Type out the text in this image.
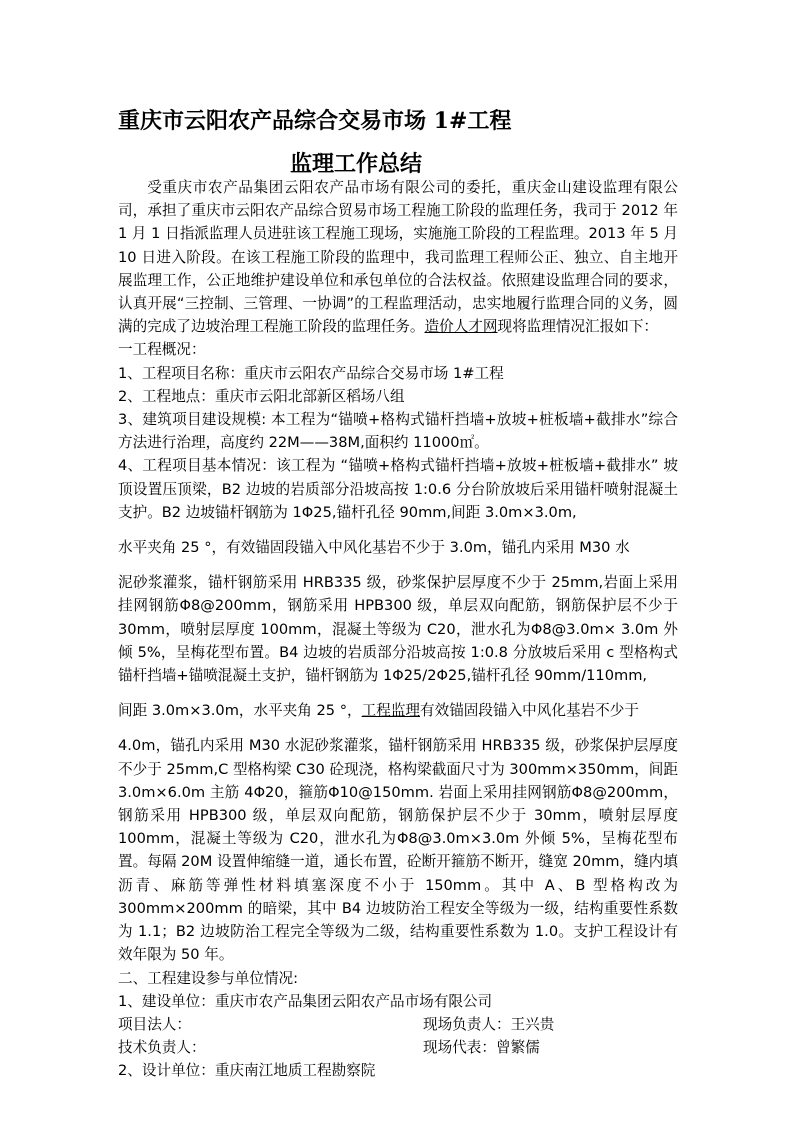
重庆市云阳农产品综合交易市场 1#工程
监理工作总结

受重庆市农产品集团云阳农产品市场有限公司的委托，重庆金山建设监理有限公司，承担了重庆市云阳农产品综合贸易市场工程施工阶段的监理任务，我司于 2012 年 1 月 1 日指派监理人员进驻该工程施工现场，实施施工阶段的工程监理。2013 年 5 月 10 日进入阶段。在该工程施工阶段的监理中，我司监理工程师公正、独立、自主地开展监理工作，公正地维护建设单位和承包单位的合法权益。依照建设监理合同的要求，认真开展“三控制、三管理、一协调”的工程监理活动，忠实地履行监理合同的义务，圆满的完成了边坡治理工程施工阶段的监理任务。造价人才网现将监理情况汇报如下：

一工程概况：

1、工程项目名称：重庆市云阳农产品综合交易市场 1#工程

2、工程地点：重庆市云阳北部新区稻场八组

3、建筑项目建设规模: 本工程为“锚喷+格构式锚杆挡墙+放坡+桩板墙+截排水”综合方法进行治理，高度约 22M——38M,面积约 11000㎡。

4、工程项目基本情况：该工程为 “锚喷+格构式锚杆挡墙+放坡+桩板墙+截排水” 坡顶设置压顶梁，B2 边坡的岩质部分沿坡高按 1:0.6 分台阶放坡后采用锚杆喷射混凝土支护。B2 边坡锚杆钢筋为 1Φ25,锚杆孔径 90mm,间距 3.0m×3.0m,

水平夹角 25 °，有效锚固段锚入中风化基岩不少于 3.0m，锚孔内采用 M30 水

泥砂浆灌浆，锚杆钢筋采用 HRB335 级，砂浆保护层厚度不少于 25mm,岩面上采用挂网钢筋Φ8@200mm，钢筋采用 HPB300 级，单层双向配筋，钢筋保护层不少于 30mm，喷射层厚度 100mm，混凝土等级为 C20，泄水孔为Φ8@3.0m× 3.0m 外倾 5%，呈梅花型布置。B4 边坡的岩质部分沿坡高按 1:0.8 分放坡后采用 c 型格构式锚杆挡墙+锚喷混凝土支护，锚杆钢筋为 1Φ25/2Φ25,锚杆孔径 90mm/110mm,

间距 3.0m×3.0m，水平夹角 25 °，工程监理有效锚固段锚入中风化基岩不少于

4.0m，锚孔内采用 M30 水泥砂浆灌浆，锚杆钢筋采用 HRB335 级，砂浆保护层厚度不少于 25mm,C 型格构梁 C30 砼现浇，格构梁截面尺寸为 300mm×350mm，间距 3.0m×6.0m 主筋 4Φ20，箍筋Φ10@150mm. 岩面上采用挂网钢筋Φ8@200mm，钢筋采用 HPB300 级，单层双向配筋，钢筋保护层不少于 30mm，喷射层厚度 100mm，混凝土等级为 C20，泄水孔为Φ8@3.0m×3.0m 外倾 5%，呈梅花型布置。每隔 20M 设置伸缩缝一道，通长布置，砼断开箍筋不断开，缝宽 20mm，缝内填沥青、麻筋等弹性材料填塞深度不小于 150mm。其中 A、B 型格构改为 300mm×200mm 的暗梁，其中 B4 边坡防治工程安全等级为一级，结构重要性系数为 1.1；B2 边坡防治工程完全等级为二级，结构重要性系数为 1.0。支护工程设计有效年限为 50 年。

二、工程建设参与单位情况:

1、建设单位：重庆市农产品集团云阳农产品市场有限公司

项目法人：	现场负责人：王兴贵
技术负责人：	现场代表：曾繁儒

2、设计单位：重庆南江地质工程勘察院
